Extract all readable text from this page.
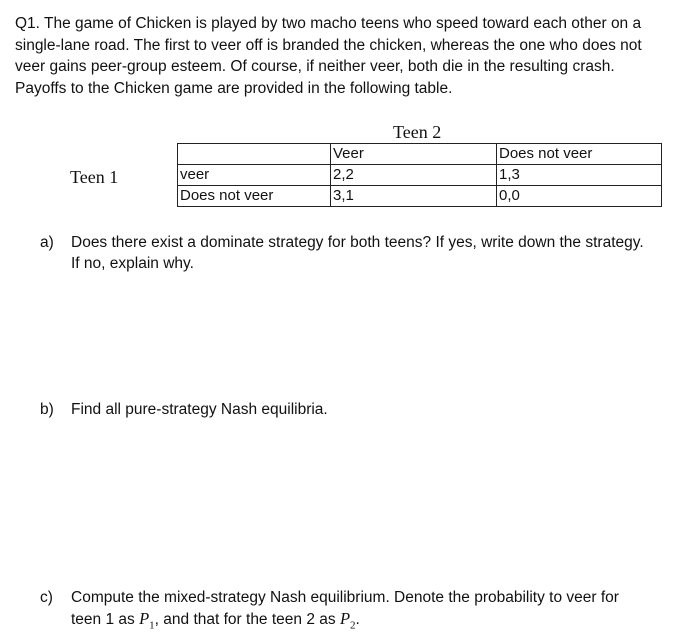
Q1. The game of Chicken is played by two macho teens who speed toward each other on a
single-lane road. The first to veer off is branded the chicken, whereas the one who does not
veer gains peer-group esteem. Of course, if neither veer, both die in the resulting crash.
Payoffs to the Chicken game are provided in the following table.
Teen 2
Teen 1
	Veer	Does not veer
veer	2,2	1,3
Does not veer	3,1	0,0
a) Does there exist a dominate strategy for both teens? If yes, write down the strategy.
If no, explain why.
b) Find all pure-strategy Nash equilibria.
c) Compute the mixed-strategy Nash equilibrium. Denote the probability to veer for
teen 1 as $P_1$, and that for the teen 2 as $P_2$.
